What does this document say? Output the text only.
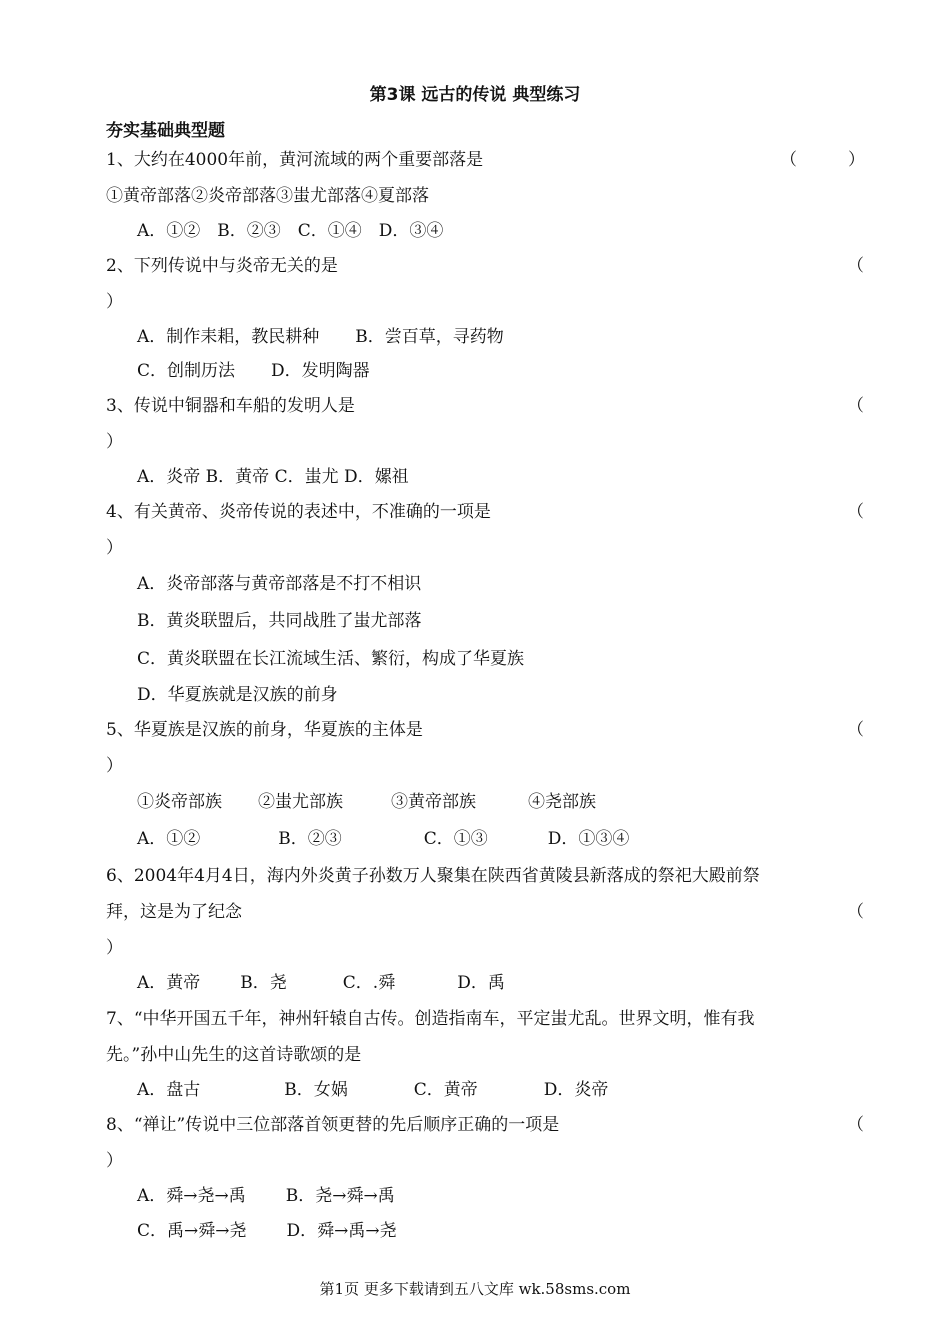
第3课 远古的传说 典型练习
夯实基础典型题
1、大约在4000年前，黄河流域的两个重要部落是	（　　　）
①黄帝部落②炎帝部落③蚩尤部落④夏部落
A．①②　B．②③　C．①④　D．③④
2、下列传说中与炎帝无关的是	（
）
A．制作耒耜，教民耕种 B．尝百草，寻药物
C．创制历法 D．发明陶器
3、传说中铜器和车船的发明人是	（
）
A．炎帝 B．黄帝 C．蚩尤 D．嫘祖
4、有关黄帝、炎帝传说的表述中，不准确的一项是	（
）
A．炎帝部落与黄帝部落是不打不相识
B．黄炎联盟后，共同战胜了蚩尤部落
C．黄炎联盟在长江流域生活、繁衍，构成了华夏族
D．华夏族就是汉族的前身
5、华夏族是汉族的前身，华夏族的主体是	（
）
①炎帝部族 ②蚩尤部族	③黄帝部族	④尧部族
A．①②	B．②③	C．①③	D．①③④
6、2004年4月4日，海内外炎黄子孙数万人聚集在陕西省黄陵县新落成的祭祀大殿前祭
拜，这是为了纪念	（
）
A．黄帝 B．尧	C．.舜	D．禹
7、“中华开国五千年，神州轩辕自古传。创造指南车，平定蚩尤乱。世界文明，惟有我
先。”孙中山先生的这首诗歌颂的是
A．盘古	B．女娲	C．黄帝	D．炎帝
8、“禅让”传说中三位部落首领更替的先后顺序正确的一项是	（
）
A．舜→尧→禹 B．尧→舜→禹
C．禹→舜→尧 D．舜→禹→尧
第1页 更多下载请到五八文库 wk.58sms.com
